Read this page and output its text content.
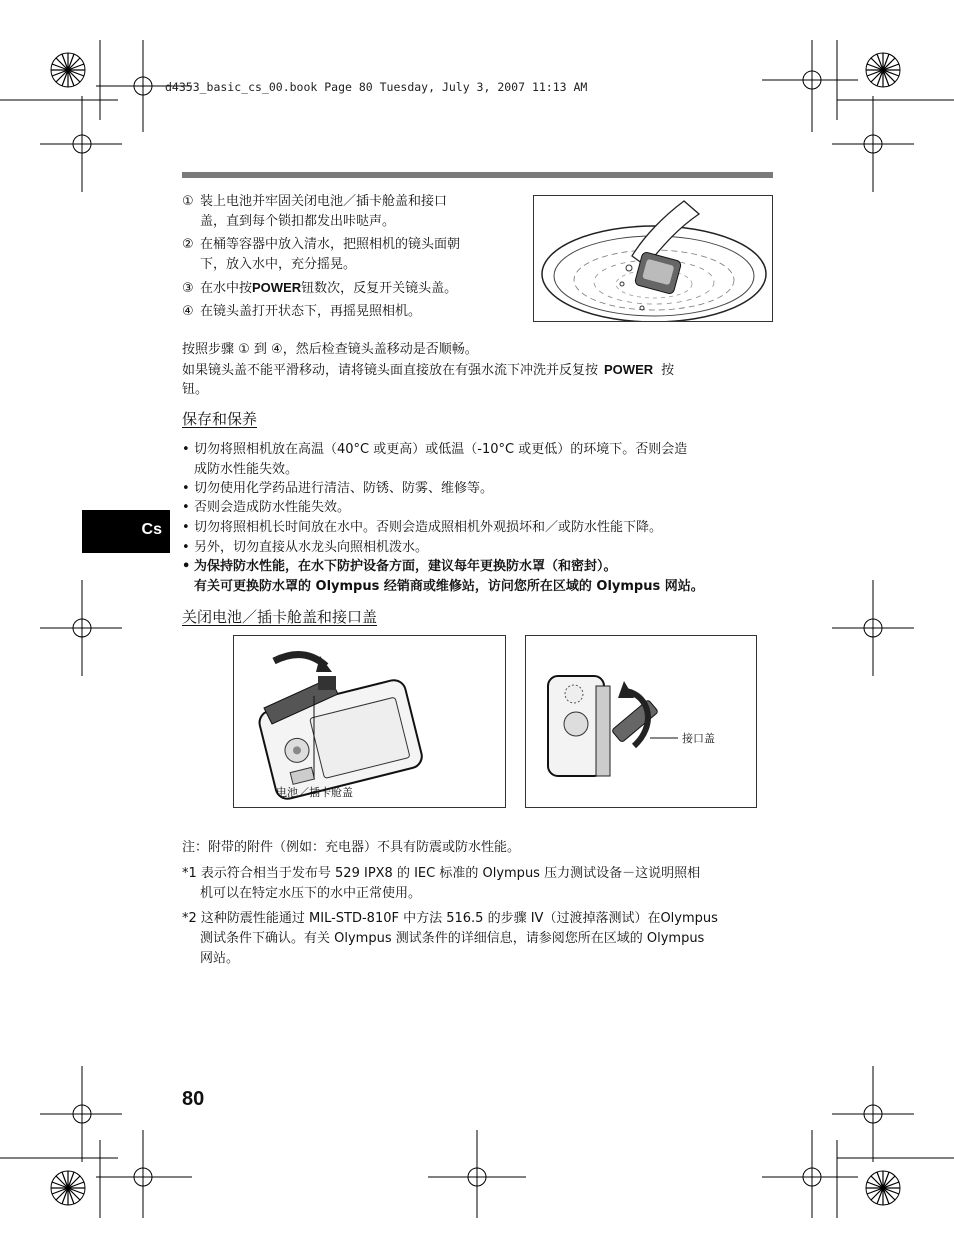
d4353_basic_cs_00.book Page 80 Tuesday, July 3, 2007 11:13 AM
① 装上电池并牢固关闭电池／插卡舱盖和接口
盖，直到每个锁扣都发出咔哒声。
② 在桶等容器中放入清水，把照相机的镜头面朝
下，放入水中，充分摇晃。
③ 在水中按POWER钮数次，反复开关镜头盖。
④ 在镜头盖打开状态下，再摇晃照相机。
按照步骤 ① 到 ④，然后检查镜头盖移动是否顺畅。
如果镜头盖不能平滑移动，请将镜头面直接放在有强水流下冲洗并反复按 POWER 按
钮。
保存和保养
• 切勿将照相机放在高温（40°C 或更高）或低温（-10°C 或更低）的环境下。否则会造
成防水性能失效。
• 切勿使用化学药品进行清洁、防锈、防雾、维修等。
• 否则会造成防水性能失效。
• 切勿将照相机长时间放在水中。否则会造成照相机外观损坏和／或防水性能下降。
• 另外，切勿直接从水龙头向照相机泼水。
• 为保持防水性能，在水下防护设备方面，建议每年更换防水罩（和密封）。
有关可更换防水罩的 Olympus 经销商或维修站，访问您所在区域的 Olympus 网站。
Cs
关闭电池／插卡舱盖和接口盖
电池／插卡舱盖
接口盖
注：附带的附件（例如：充电器）不具有防震或防水性能。
*1 表示符合相当于发布号 529 IPX8 的 IEC 标准的 Olympus 压力测试设备－这说明照相
机可以在特定水压下的水中正常使用。
*2 这种防震性能通过 MIL-STD-810F 中方法 516.5 的步骤 IV（过渡掉落测试）在Olympus
测试条件下确认。有关 Olympus 测试条件的详细信息，请参阅您所在区域的 Olympus
网站。
80
